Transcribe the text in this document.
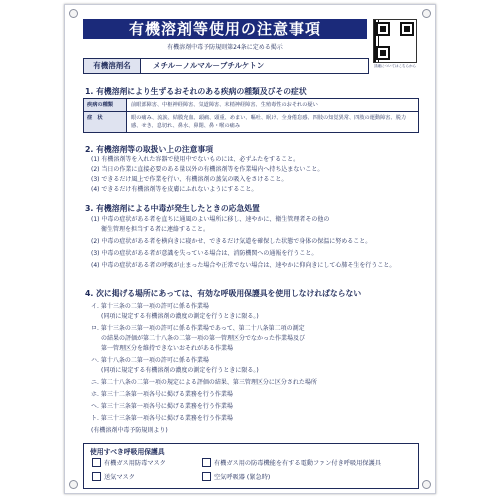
有機溶剤等使用の注意事項
有機溶剤中毒予防規則第24条に定める掲示
詳細についてはこちらから
有機溶剤名	メチル－ノルマル－ブチルケトン
1. 有機溶剤により生ずるおそれのある疾病の種類及びその症状
疾病の種類	前眼部障害、中枢神経障害、気道障害、末梢神経障害、生殖毒性のおそれの疑い
症　状	眼の痛み、流涙、結膜充血、頭痛、頭重、めまい、嘔吐、眠け、全身倦怠感、四肢の知覚異常、四肢の運動障害、脱力感、せき、息切れ、鼻水、鼻閉、鼻・喉の痛み
2. 有機溶剤等の取扱い上の注意事項
(1) 有機溶剤等を入れた容器で使用中でないものには、必ずふたをすること。
(2) 当日の作業に直接必要のある量以外の有機溶剤等を作業場内へ持ち込まないこと。
(3) できるだけ風上で作業を行い、有機溶剤の蒸気の吸入をさけること。
(4) できるだけ有機溶剤等を皮膚にふれないようにすること。
3. 有機溶剤による中毒が発生したときの応急処置
(1) 中毒の症状がある者を直ちに通風のよい場所に移し、速やかに、衛生管理者その他の
衛生管理を担当する者に連絡すること。
(2) 中毒の症状がある者を横向きに寝かせ、できるだけ気道を確保した状態で身体の保温に努めること。
(3) 中毒の症状がある者が意識を失っている場合は、消防機関への通報を行うこと。
(4) 中毒の症状がある者の呼吸が止まった場合や正常でない場合は、速やかに仰向きにして心肺そ生を行うこと。
4. 次に掲げる場所にあっては、有効な呼吸用保護具を使用しなければならない
イ. 第十三条の二第一項の許可に係る作業場
(同項に規定する有機溶剤の濃度の測定を行うときに限る。)
ロ. 第十三条の三第一項の許可に係る作業場であって、第二十八条第二項の測定
の結果の評価が第二十八条の二第一項の第一管理区分でなかった作業場及び
第一管理区分を維持できないおそれがある作業場
ハ. 第十八条の二第一項の許可に係る作業場
(同項に規定する有機溶剤の濃度の測定を行うときに限る。)
ニ. 第二十八条の二第一項の規定による評価の結果、第三管理区分に区分された場所
ホ. 第三十二条第一項各号に掲げる業務を行う作業場
ヘ. 第三十三条第一項各号に掲げる業務を行う作業場
ト. 第三十三条第一項各号に掲げる業務を行う作業場
(有機溶剤中毒予防規則より)
使用すべき呼吸用保護具
有機ガス用防毒マスク	有機ガス用の防毒機能を有する電動ファン付き呼吸用保護具
送気マスク	空気呼吸器 (緊急時)
